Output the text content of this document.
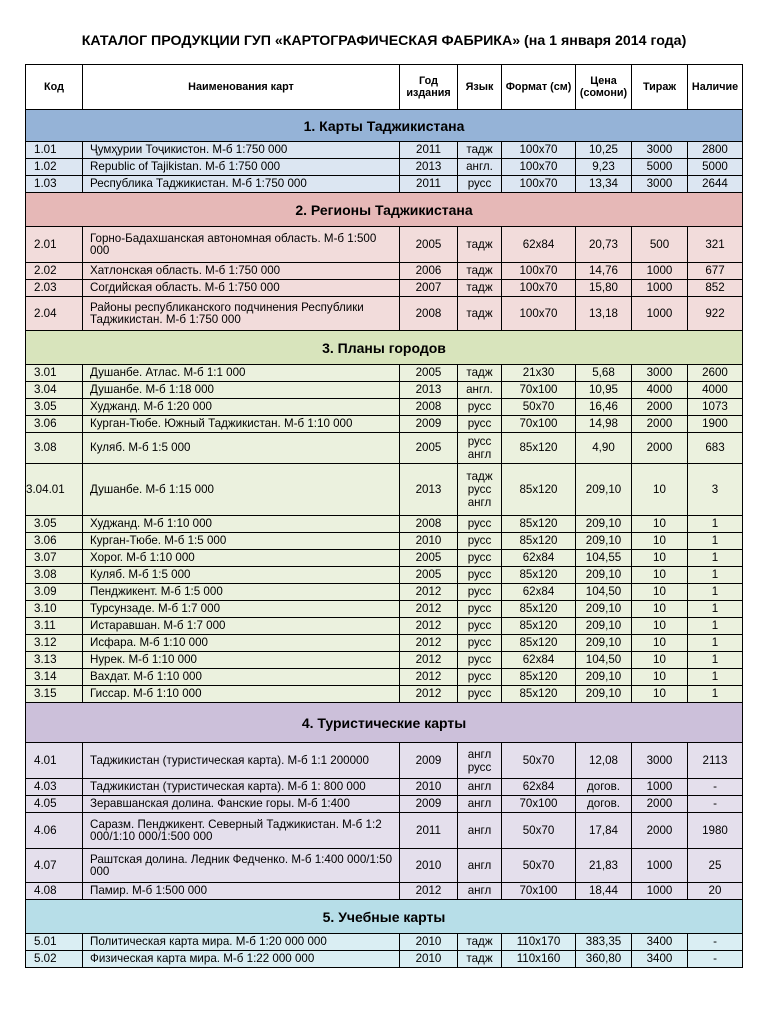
КАТАЛОГ ПРОДУКЦИИ ГУП «КАРТОГРАФИЧЕСКАЯ ФАБРИКА» (на 1 января 2014 года)
Код	Наименования карт	Год издания	Язык	Формат (см)	Цена (сомони)	Тираж	Наличие
1. Карты Таджикистана							
1.01	Ҷумҳурии Тоҷикистон. М-б 1:750 000	2011	тадж	100х70	10,25	3000	2800
1.02	Republic of Tajikistan. М-б 1:750 000	2013	англ.	100х70	9,23	5000	5000
1.03	Республика Таджикистан. М-б 1:750 000	2011	русс	100х70	13,34	3000	2644
2. Регионы Таджикистана							
2.01	Горно-Бадахшанская автономная область. М-б 1:500 000	2005	тадж	62х84	20,73	500	321
2.02	Хатлонская область. М-б 1:750 000	2006	тадж	100х70	14,76	1000	677
2.03	Согдийская область. М-б 1:750 000	2007	тадж	100х70	15,80	1000	852
2.04	Районы республиканского подчинения Республики Таджикистан. М-б 1:750 000	2008	тадж	100х70	13,18	1000	922
3. Планы городов							
3.01	Душанбе. Атлас. М-б 1:1 000	2005	тадж	21х30	5,68	3000	2600
3.04	Душанбе. М-б 1:18 000	2013	англ.	70х100	10,95	4000	4000
3.05	Худжанд. М-б 1:20 000	2008	русс	50х70	16,46	2000	1073
3.06	Курган-Тюбе. Южный Таджикистан. М-б 1:10 000	2009	русс	70х100	14,98	2000	1900
3.08	Куляб. М-б 1:5 000	2005	русс англ	85х120	4,90	2000	683
3.04.01	Душанбе. М-б 1:15 000	2013	тадж русс англ	85х120	209,10	10	3
3.05	Худжанд. М-б 1:10 000	2008	русс	85х120	209,10	10	1
3.06	Курган-Тюбе. М-б 1:5 000	2010	русс	85х120	209,10	10	1
3.07	Хорог. М-б 1:10 000	2005	русс	62х84	104,55	10	1
3.08	Куляб. М-б 1:5 000	2005	русс	85х120	209,10	10	1
3.09	Пенджикент. М-б 1:5 000	2012	русс	62х84	104,50	10	1
3.10	Турсунзаде. М-б 1:7 000	2012	русс	85х120	209,10	10	1
3.11	Истаравшан. М-б 1:7 000	2012	русс	85х120	209,10	10	1
3.12	Исфара. М-б 1:10 000	2012	русс	85х120	209,10	10	1
3.13	Нурек. М-б 1:10 000	2012	русс	62х84	104,50	10	1
3.14	Вахдат. М-б 1:10 000	2012	русс	85х120	209,10	10	1
3.15	Гиссар. М-б 1:10 000	2012	русс	85х120	209,10	10	1
4. Туристические карты							
4.01	Таджикистан (туристическая карта). М-б 1:1 200000	2009	англ русс	50х70	12,08	3000	2113
4.03	Таджикистан (туристическая карта). М-б 1: 800 000	2010	англ	62х84	догов.	1000	-
4.05	Зеравшанская долина. Фанские горы. М-б 1:400	2009	англ	70х100	догов.	2000	-
4.06	Саразм. Пенджикент. Северный Таджикистан. М-б 1:2 000/1:10 000/1:500 000	2011	англ	50х70	17,84	2000	1980
4.07	Раштская долина. Ледник Федченко. М-б 1:400 000/1:50 000	2010	англ	50х70	21,83	1000	25
4.08	Памир. М-б 1:500 000	2012	англ	70х100	18,44	1000	20
5. Учебные карты							
5.01	Политическая карта мира. М-б 1:20 000 000	2010	тадж	110х170	383,35	3400	-
5.02	Физическая карта мира. М-б 1:22 000 000	2010	тадж	110х160	360,80	3400	-
